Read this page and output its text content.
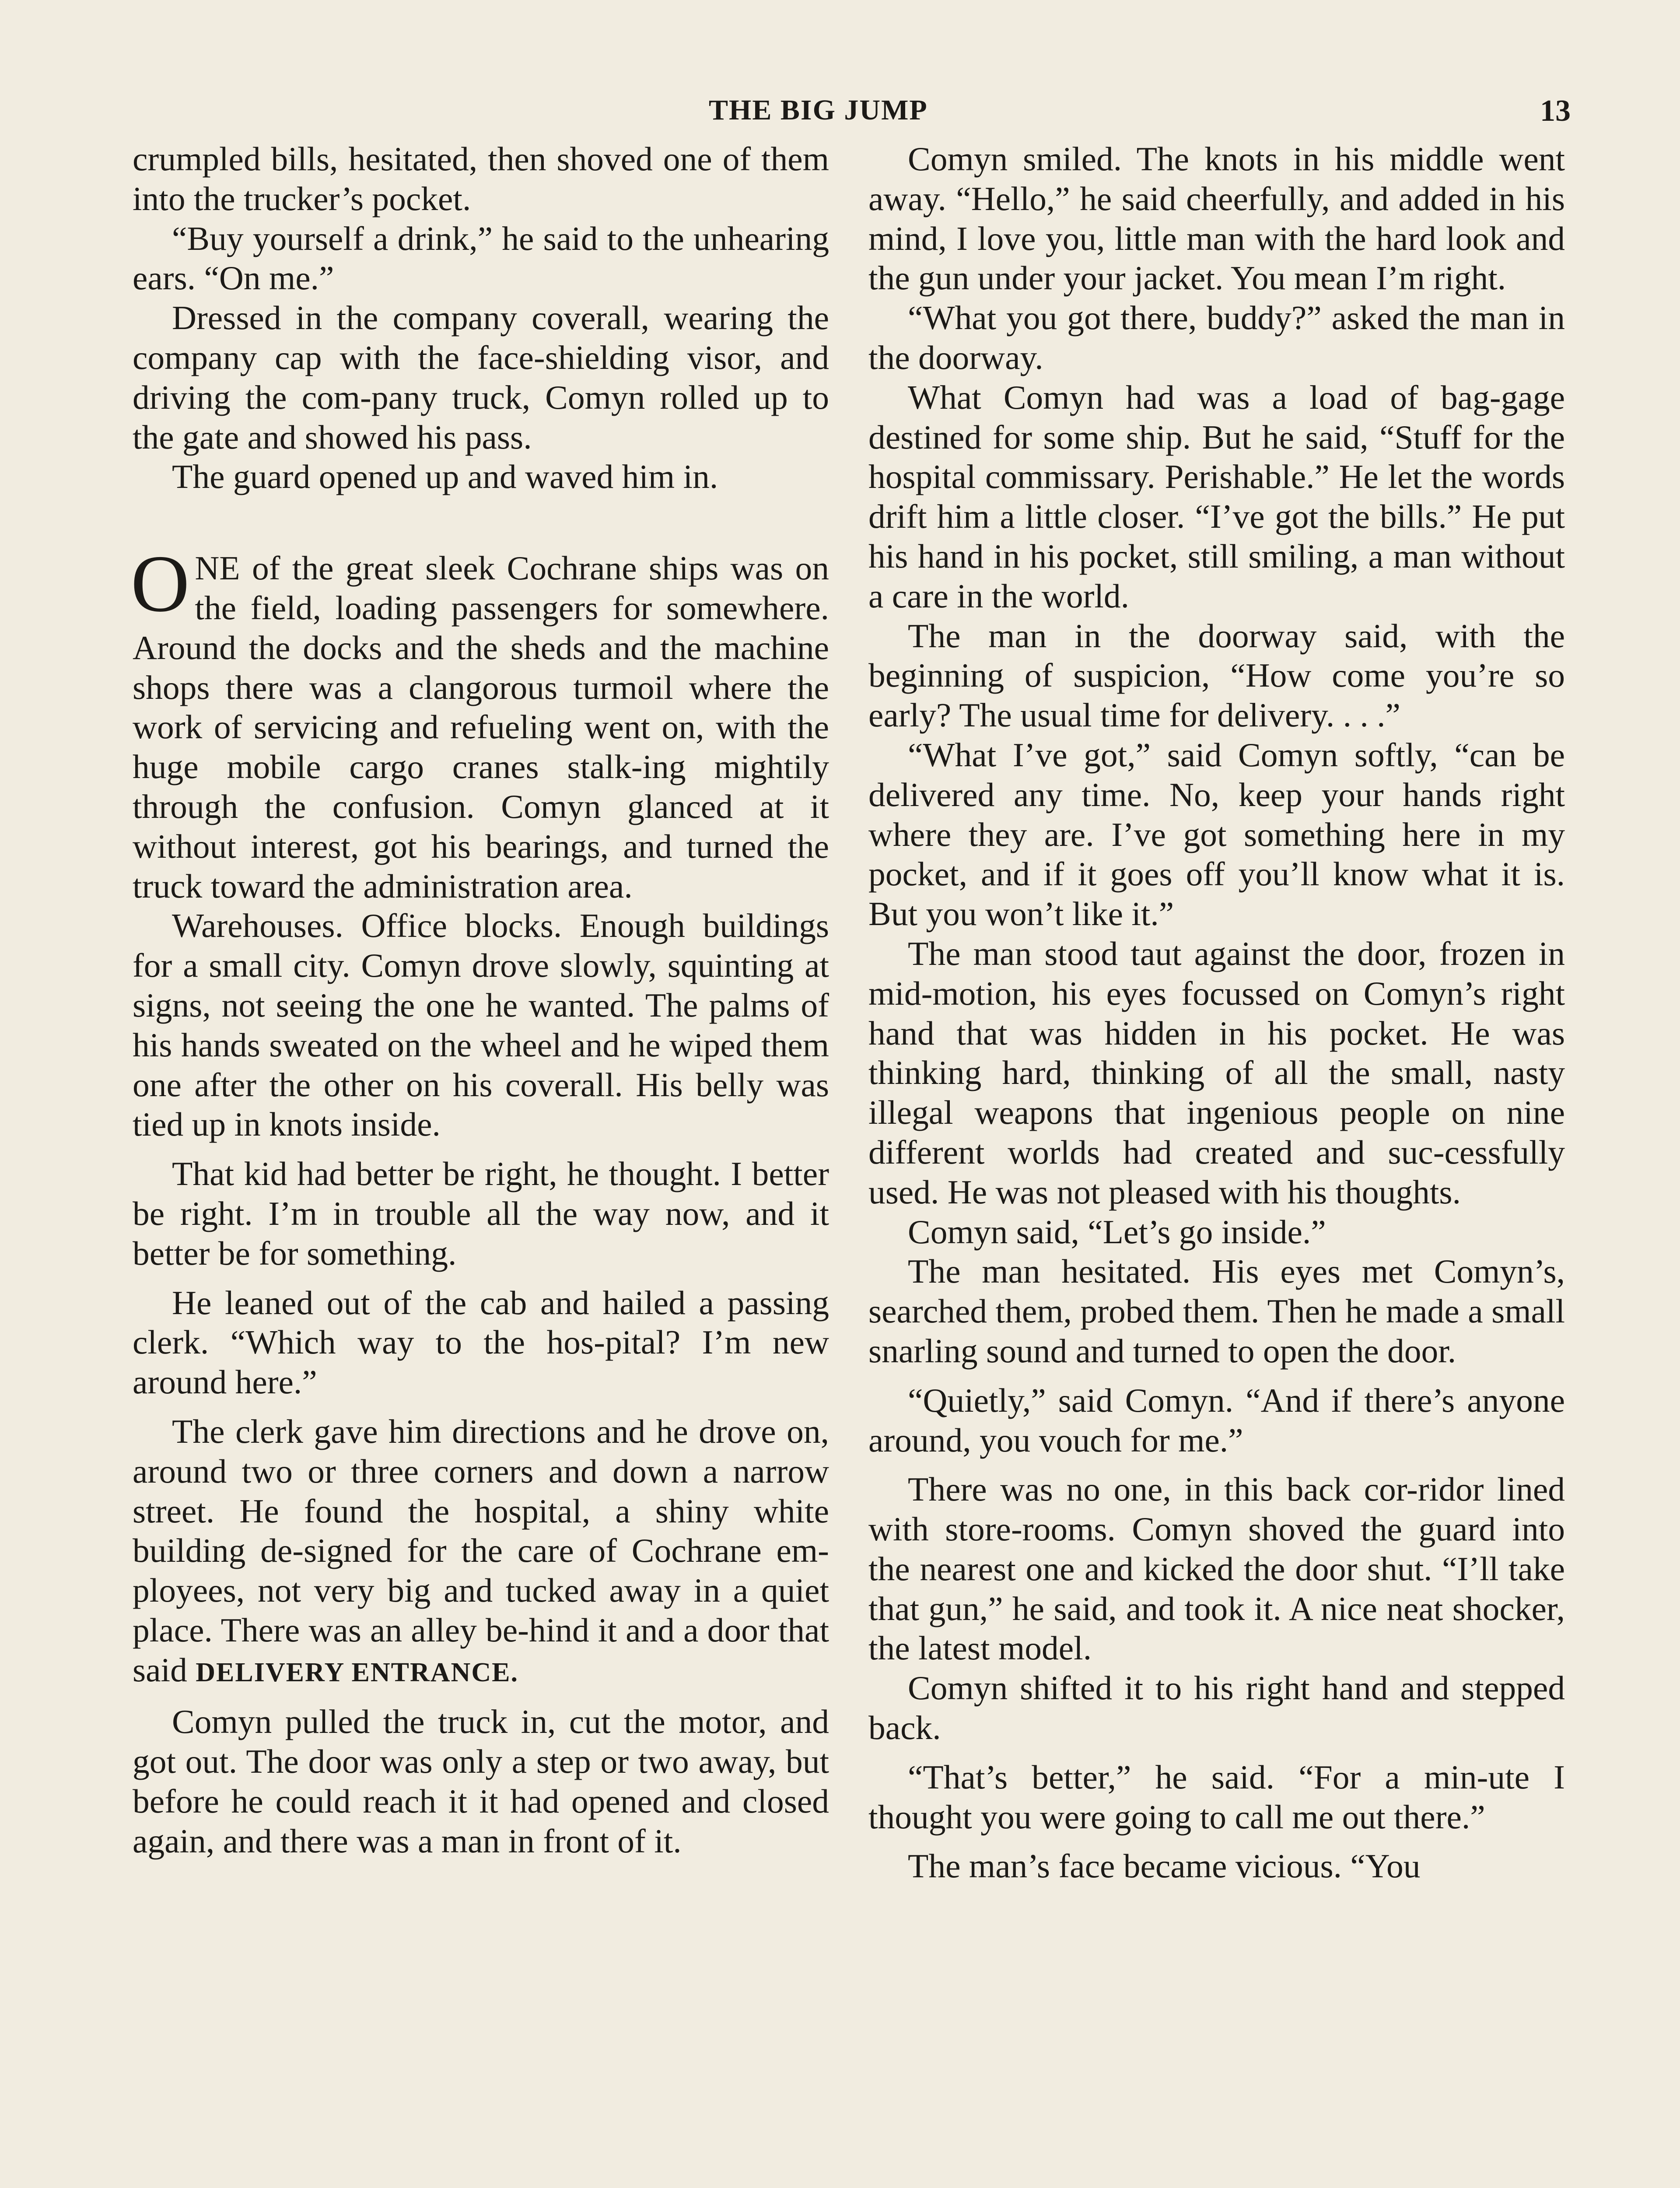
THE BIG JUMP	13

crumpled bills, hesitated, then shoved one of them into the trucker’s pocket.

“Buy yourself a drink,” he said to the unhearing ears. “On me.”

Dressed in the company coverall, wearing the company cap with the face-shielding visor, and driving the com-pany truck, Comyn rolled up to the gate and showed his pass.

The guard opened up and waved him in.

ONE of the great sleek Cochrane ships was on the field, loading passengers for somewhere. Around the docks and the sheds and the machine shops there was a clangorous turmoil where the work of servicing and refueling went on, with the huge mobile cargo cranes stalk-ing mightily through the confusion. Comyn glanced at it without interest, got his bearings, and turned the truck toward the administration area.

Warehouses. Office blocks. Enough buildings for a small city. Comyn drove slowly, squinting at signs, not seeing the one he wanted. The palms of his hands sweated on the wheel and he wiped them one after the other on his coverall. His belly was tied up in knots inside.

That kid had better be right, he thought. I better be right. I’m in trouble all the way now, and it better be for something.

He leaned out of the cab and hailed a passing clerk. “Which way to the hos-pital? I’m new around here.”

The clerk gave him directions and he drove on, around two or three corners and down a narrow street. He found the hospital, a shiny white building de-signed for the care of Cochrane em-ployees, not very big and tucked away in a quiet place. There was an alley be-hind it and a door that said DELIVERY ENTRANCE.

Comyn pulled the truck in, cut the motor, and got out. The door was only a step or two away, but before he could reach it it had opened and closed again, and there was a man in front of it.

Comyn smiled. The knots in his middle went away. “Hello,” he said cheerfully, and added in his mind, I love you, little man with the hard look and the gun under your jacket. You mean I’m right.

“What you got there, buddy?” asked the man in the doorway.

What Comyn had was a load of bag-gage destined for some ship. But he said, “Stuff for the hospital commissary. Perishable.” He let the words drift him a little closer. “I’ve got the bills.” He put his hand in his pocket, still smiling, a man without a care in the world.

The man in the doorway said, with the beginning of suspicion, “How come you’re so early? The usual time for delivery. . . .”

“What I’ve got,” said Comyn softly, “can be delivered any time. No, keep your hands right where they are. I’ve got something here in my pocket, and if it goes off you’ll know what it is. But you won’t like it.”

The man stood taut against the door, frozen in mid-motion, his eyes focussed on Comyn’s right hand that was hidden in his pocket. He was thinking hard, thinking of all the small, nasty illegal weapons that ingenious people on nine different worlds had created and suc-cessfully used. He was not pleased with his thoughts.

Comyn said, “Let’s go inside.”

The man hesitated. His eyes met Comyn’s, searched them, probed them. Then he made a small snarling sound and turned to open the door.

“Quietly,” said Comyn. “And if there’s anyone around, you vouch for me.”

There was no one, in this back cor-ridor lined with store-rooms. Comyn shoved the guard into the nearest one and kicked the door shut. “I’ll take that gun,” he said, and took it. A nice neat shocker, the latest model.

Comyn shifted it to his right hand and stepped back.

“That’s better,” he said. “For a min-ute I thought you were going to call me out there.”

The man’s face became vicious. “You
